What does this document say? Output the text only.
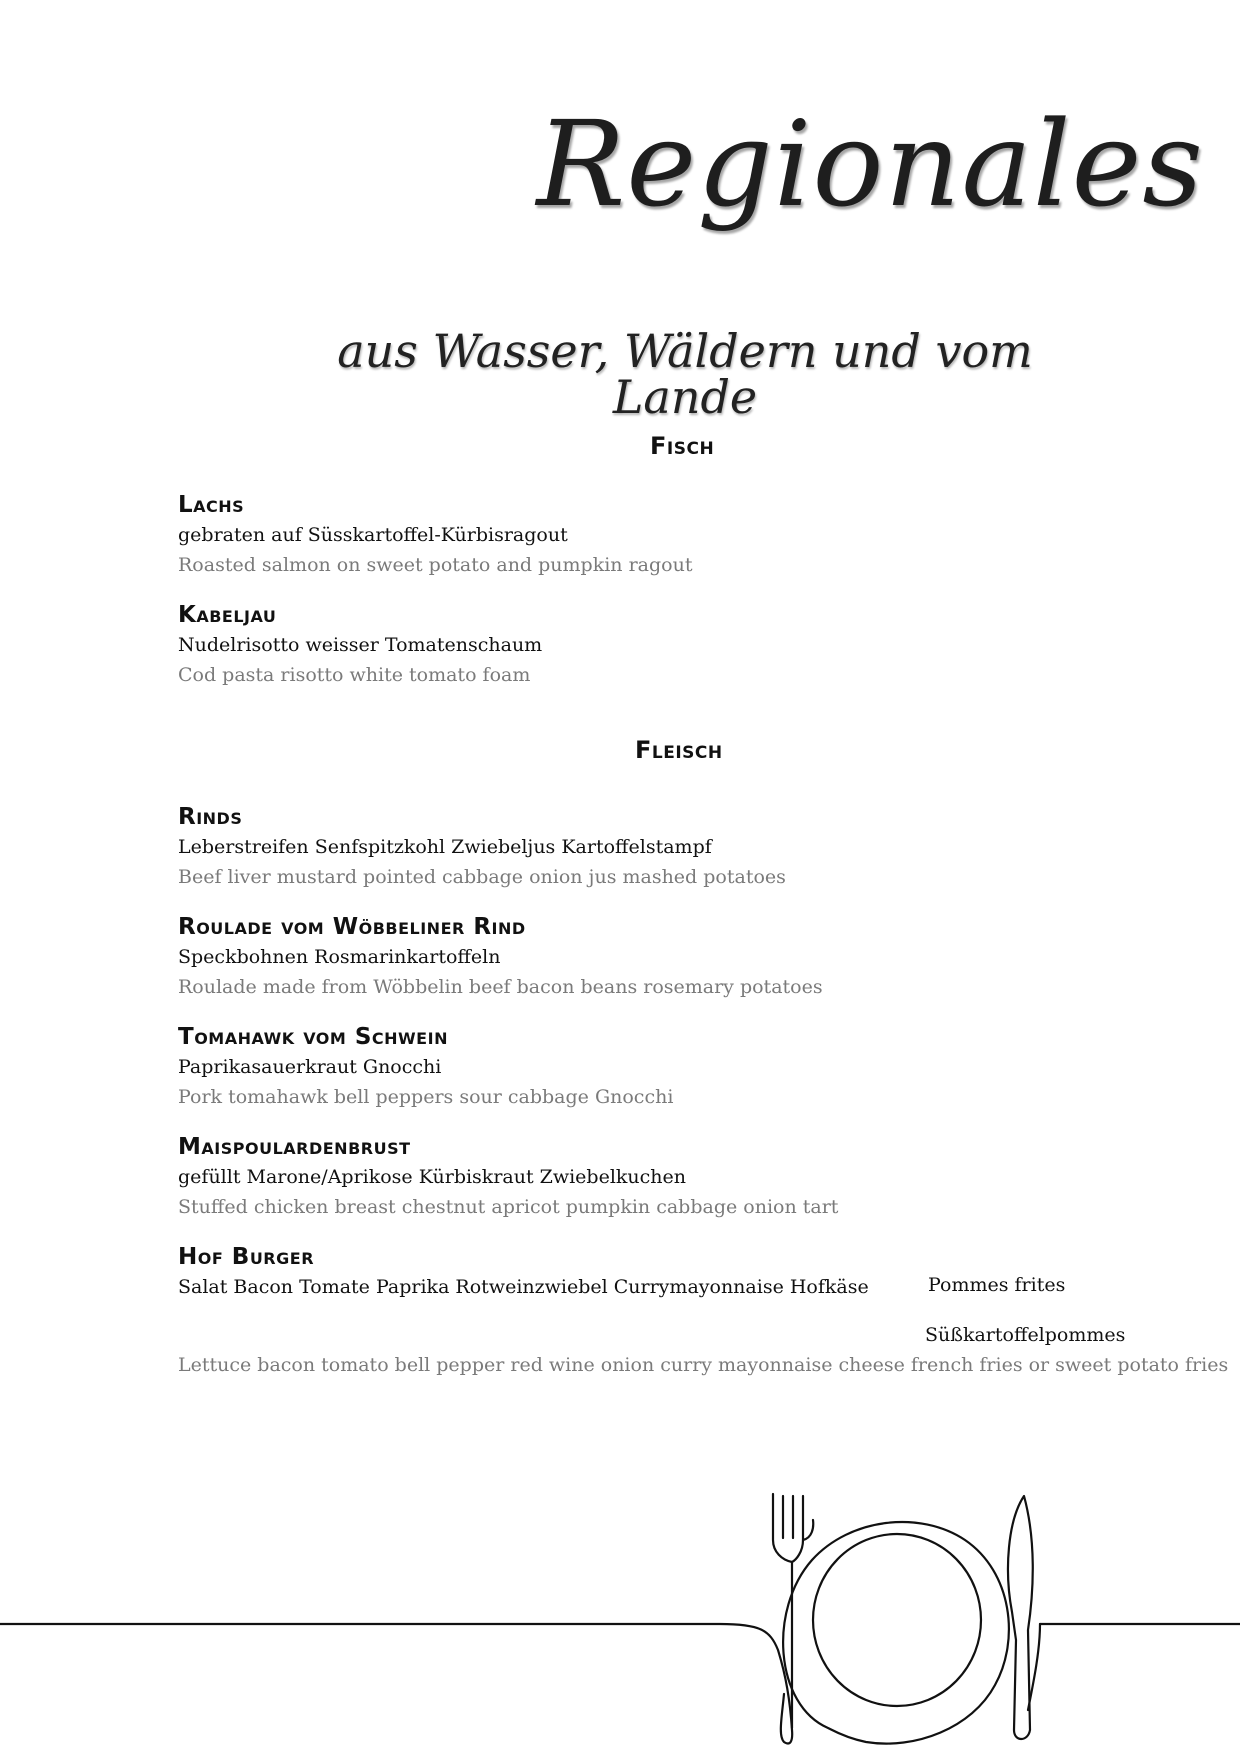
Regionales
aus Wasser, Wäldern und vom Lande
Fisch
Lachs
gebraten auf Süsskartoffel-Kürbisragout
Roasted salmon on sweet potato and pumpkin ragout
Kabeljau
Nudelrisotto weisser Tomatenschaum
Cod pasta risotto white tomato foam
Fleisch
Rinds
Leberstreifen Senfspitzkohl Zwiebeljus Kartoffelstampf
Beef liver mustard pointed cabbage onion jus mashed potatoes
Roulade vom Wöbbeliner Rind
Speckbohnen Rosmarinkartoffeln
Roulade made from Wöbbelin beef bacon beans rosemary potatoes
Tomahawk vom Schwein
Paprikasauerkraut Gnocchi
Pork tomahawk bell peppers sour cabbage Gnocchi
Maispoulardenbrust
gefüllt Marone/Aprikose Kürbiskraut Zwiebelkuchen
Stuffed chicken breast chestnut apricot pumpkin cabbage onion tart
Hof Burger
Salat Bacon Tomate Paprika Rotweinzwiebel Currymayonnaise Hofkäse	Pommes frites
Süßkartoffelpommes
Lettuce bacon tomato bell pepper red wine onion curry mayonnaise cheese french fries or sweet potato fries
